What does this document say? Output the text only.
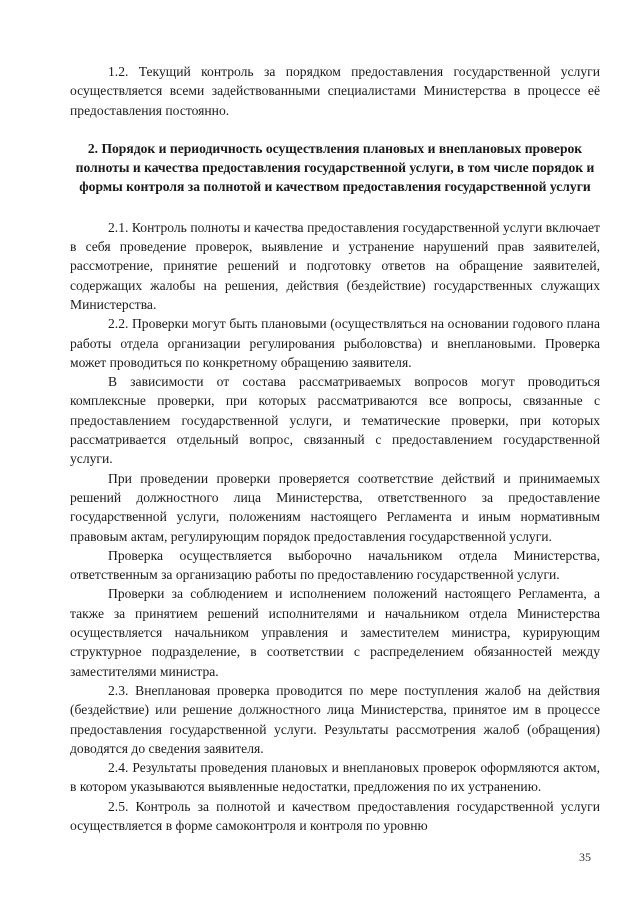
1.2. Текущий контроль за порядком предоставления государственной услуги осуществляется всеми задействованными специалистами Министерства в процессе её предоставления постоянно.

2. Порядок и периодичность осуществления плановых и внеплановых проверок полноты и качества предоставления государственной услуги, в том числе порядок и формы контроля за полнотой и качеством предоставления государственной услуги

2.1. Контроль полноты и качества предоставления государственной услуги включает в себя проведение проверок, выявление и устранение нарушений прав заявителей, рассмотрение, принятие решений и подготовку ответов на обращение заявителей, содержащих жалобы на решения, действия (бездействие) государственных служащих Министерства.

2.2. Проверки могут быть плановыми (осуществляться на основании годового плана работы отдела организации регулирования рыболовства) и внеплановыми. Проверка может проводиться по конкретному обращению заявителя.

В зависимости от состава рассматриваемых вопросов могут проводиться комплексные проверки, при которых рассматриваются все вопросы, связанные с предоставлением государственной услуги, и тематические проверки, при которых рассматривается отдельный вопрос, связанный с предоставлением государственной услуги.

При проведении проверки проверяется соответствие действий и принимаемых решений должностного лица Министерства, ответственного за предоставление государственной услуги, положениям настоящего Регламента и иным нормативным правовым актам, регулирующим порядок предоставления государственной услуги.

Проверка осуществляется выборочно начальником отдела Министерства, ответственным за организацию работы по предоставлению государственной услуги.

Проверки за соблюдением и исполнением положений настоящего Регламента, а также за принятием решений исполнителями и начальником отдела Министерства осуществляется начальником управления и заместителем министра, курирующим структурное подразделение, в соответствии с распределением обязанностей между заместителями министра.

2.3. Внеплановая проверка проводится по мере поступления жалоб на действия (бездействие) или решение должностного лица Министерства, принятое им в процессе предоставления государственной услуги. Результаты рассмотрения жалоб (обращения) доводятся до сведения заявителя.

2.4. Результаты проведения плановых и внеплановых проверок оформляются актом, в котором указываются выявленные недостатки, предложения по их устранению.

2.5. Контроль за полнотой и качеством предоставления государственной услуги осуществляется в форме самоконтроля и контроля по уровню

35
